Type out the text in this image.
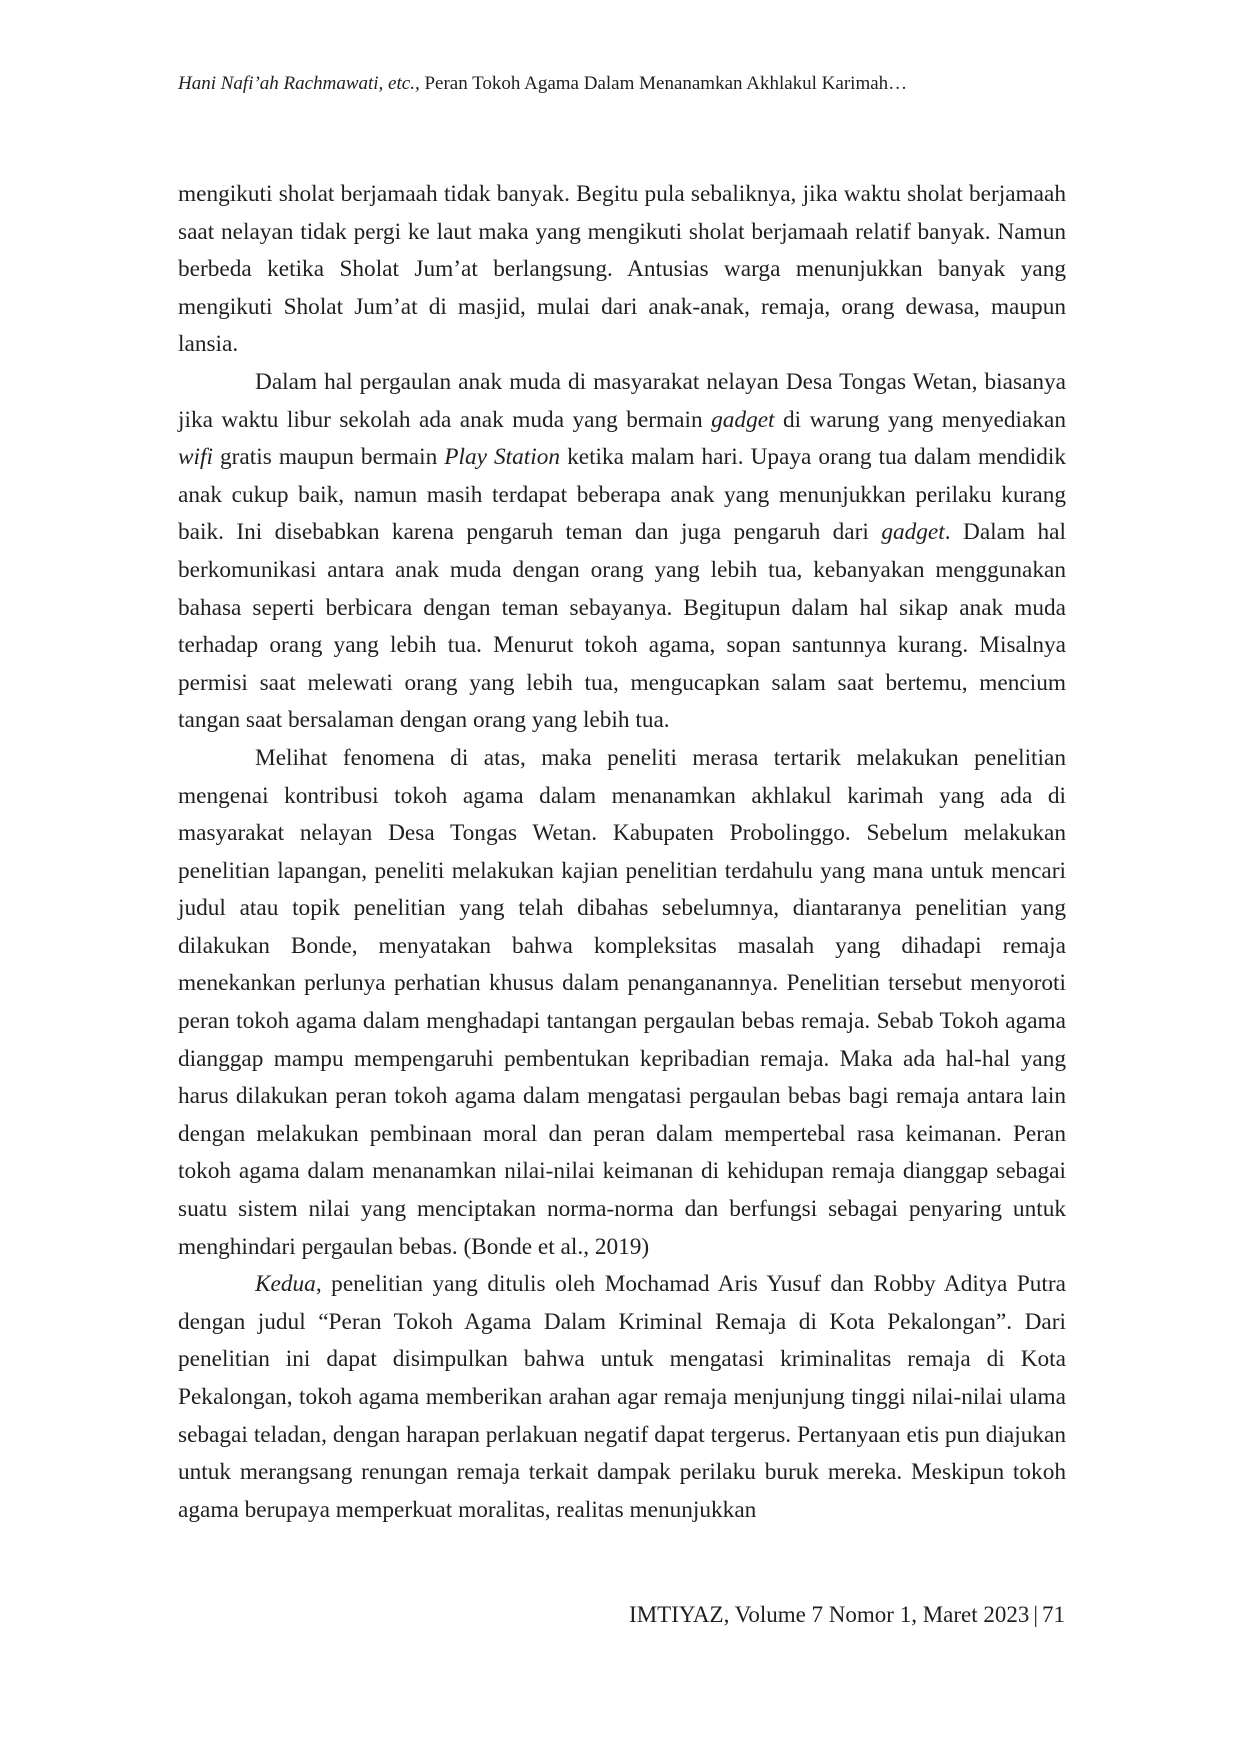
Hani Nafi’ah Rachmawati, etc., Peran Tokoh Agama Dalam Menanamkan Akhlakul Karimah…

mengikuti sholat berjamaah tidak banyak. Begitu pula sebaliknya, jika waktu sholat berjamaah saat nelayan tidak pergi ke laut maka yang mengikuti sholat berjamaah relatif banyak. Namun berbeda ketika Sholat Jum’at berlangsung. Antusias warga menunjukkan banyak yang mengikuti Sholat Jum’at di masjid, mulai dari anak-anak, remaja, orang dewasa, maupun lansia.

Dalam hal pergaulan anak muda di masyarakat nelayan Desa Tongas Wetan, biasanya jika waktu libur sekolah ada anak muda yang bermain gadget di warung yang menyediakan wifi gratis maupun bermain Play Station ketika malam hari. Upaya orang tua dalam mendidik anak cukup baik, namun masih terdapat beberapa anak yang menunjukkan perilaku kurang baik. Ini disebabkan karena pengaruh teman dan juga pengaruh dari gadget. Dalam hal berkomunikasi antara anak muda dengan orang yang lebih tua, kebanyakan menggunakan bahasa seperti berbicara dengan teman sebayanya. Begitupun dalam hal sikap anak muda terhadap orang yang lebih tua. Menurut tokoh agama, sopan santunnya kurang. Misalnya permisi saat melewati orang yang lebih tua, mengucapkan salam saat bertemu, mencium tangan saat bersalaman dengan orang yang lebih tua.

Melihat fenomena di atas, maka peneliti merasa tertarik melakukan penelitian mengenai kontribusi tokoh agama dalam menanamkan akhlakul karimah yang ada di masyarakat nelayan Desa Tongas Wetan. Kabupaten Probolinggo. Sebelum melakukan penelitian lapangan, peneliti melakukan kajian penelitian terdahulu yang mana untuk mencari judul atau topik penelitian yang telah dibahas sebelumnya, diantaranya penelitian yang dilakukan Bonde, menyatakan bahwa kompleksitas masalah yang dihadapi remaja menekankan perlunya perhatian khusus dalam penanganannya. Penelitian tersebut menyoroti peran tokoh agama dalam menghadapi tantangan pergaulan bebas remaja. Sebab Tokoh agama dianggap mampu mempengaruhi pembentukan kepribadian remaja. Maka ada hal-hal yang harus dilakukan peran tokoh agama dalam mengatasi pergaulan bebas bagi remaja antara lain dengan melakukan pembinaan moral dan peran dalam mempertebal rasa keimanan. Peran tokoh agama dalam menanamkan nilai-nilai keimanan di kehidupan remaja dianggap sebagai suatu sistem nilai yang menciptakan norma-norma dan berfungsi sebagai penyaring untuk menghindari pergaulan bebas. (Bonde et al., 2019)

Kedua, penelitian yang ditulis oleh Mochamad Aris Yusuf dan Robby Aditya Putra dengan judul “Peran Tokoh Agama Dalam Kriminal Remaja di Kota Pekalongan”. Dari penelitian ini dapat disimpulkan bahwa untuk mengatasi kriminalitas remaja di Kota Pekalongan, tokoh agama memberikan arahan agar remaja menjunjung tinggi nilai-nilai ulama sebagai teladan, dengan harapan perlakuan negatif dapat tergerus. Pertanyaan etis pun diajukan untuk merangsang renungan remaja terkait dampak perilaku buruk mereka. Meskipun tokoh agama berupaya memperkuat moralitas, realitas menunjukkan

IMTIYAZ, Volume 7 Nomor 1, Maret 2023 | 71
